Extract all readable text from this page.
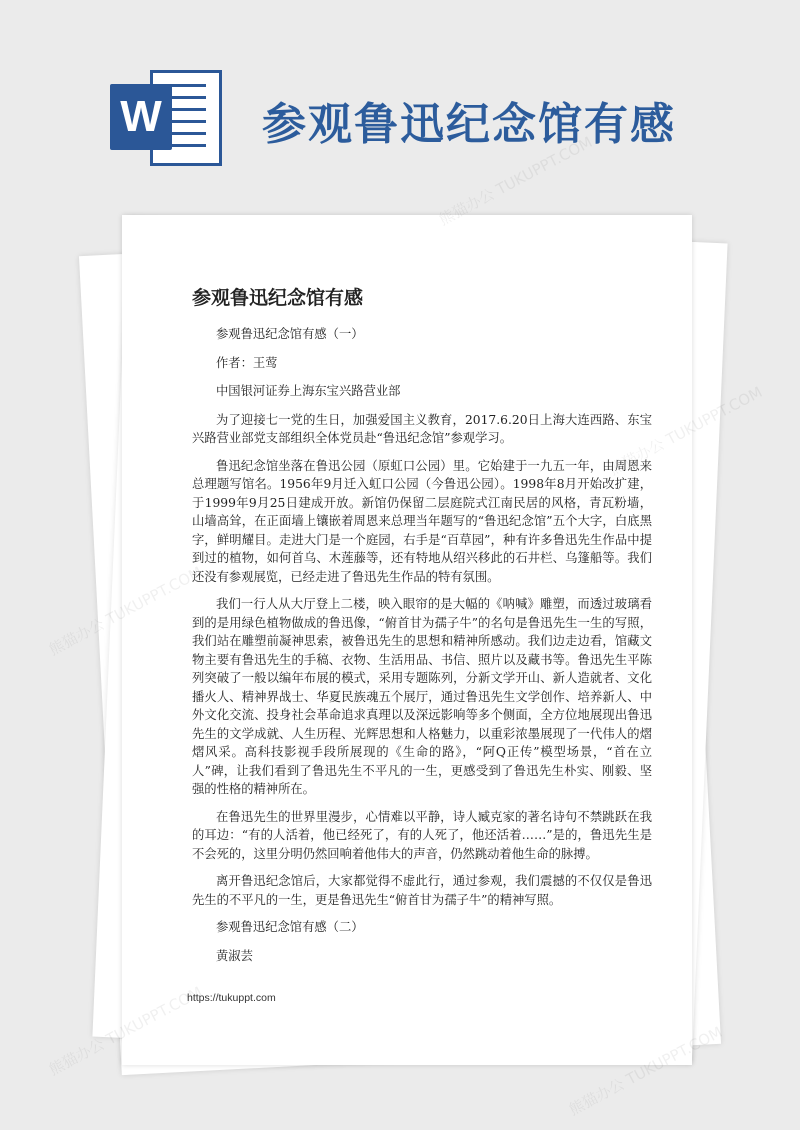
W 参观鲁迅纪念馆有感
参观鲁迅纪念馆有感

参观鲁迅纪念馆有感（一）

作者：王莺

中国银河证券上海东宝兴路营业部

为了迎接七一党的生日，加强爱国主义教育，2017.6.20日上海大连西路、东宝兴路营业部党支部组织全体党员赴“鲁迅纪念馆”参观学习。

鲁迅纪念馆坐落在鲁迅公园（原虹口公园）里。它始建于一九五一年，由周恩来总理题写馆名。1956年9月迁入虹口公园（今鲁迅公园）。1998年8月开始改扩建，于1999年9月25日建成开放。新馆仍保留二层庭院式江南民居的风格，青瓦粉墙，山墙高耸，在正面墙上镶嵌着周恩来总理当年题写的“鲁迅纪念馆”五个大字，白底黑字，鲜明耀目。走进大门是一个庭园，右手是“百草园”，种有许多鲁迅先生作品中提到过的植物，如何首乌、木莲藤等，还有特地从绍兴移此的石井栏、乌篷船等。我们还没有参观展览，已经走进了鲁迅先生作品的特有氛围。

我们一行人从大厅登上二楼，映入眼帘的是大幅的《呐喊》雕塑，而透过玻璃看到的是用绿色植物做成的鲁迅像，“俯首甘为孺子牛”的名句是鲁迅先生一生的写照，我们站在雕塑前凝神思索，被鲁迅先生的思想和精神所感动。我们边走边看，馆藏文物主要有鲁迅先生的手稿、衣物、生活用品、书信、照片以及藏书等。鲁迅先生平陈列突破了一般以编年布展的模式，采用专题陈列，分新文学开山、新人造就者、文化播火人、精神界战士、华夏民族魂五个展厅，通过鲁迅先生文学创作、培养新人、中外文化交流、投身社会革命追求真理以及深远影响等多个侧面，全方位地展现出鲁迅先生的文学成就、人生历程、光辉思想和人格魅力，以重彩浓墨展现了一代伟人的熠熠风采。高科技影视手段所展现的《生命的路》，“阿Q正传”模型场景，“首在立人”碑，让我们看到了鲁迅先生不平凡的一生，更感受到了鲁迅先生朴实、刚毅、坚强的性格的精神所在。

在鲁迅先生的世界里漫步，心情难以平静，诗人臧克家的著名诗句不禁跳跃在我的耳边：“有的人活着，他已经死了，有的人死了，他还活着……”是的，鲁迅先生是不会死的，这里分明仍然回响着他伟大的声音，仍然跳动着他生命的脉搏。

离开鲁迅纪念馆后，大家都觉得不虚此行，通过参观，我们震撼的不仅仅是鲁迅先生的不平凡的一生，更是鲁迅先生“俯首甘为孺子牛”的精神写照。

参观鲁迅纪念馆有感（二）

黄淑芸

https://tukuppt.com
熊猫办公 TUKUPPT.COM
熊猫办公
熊猫办公	熊猫办公 TUKUPPT.COM
